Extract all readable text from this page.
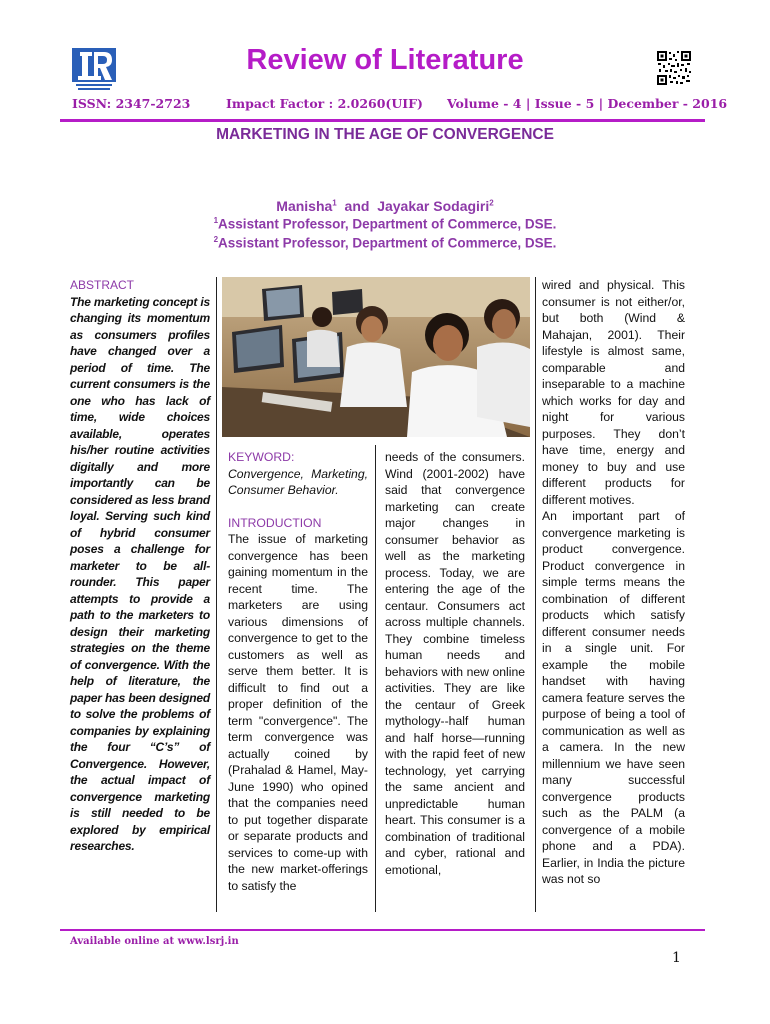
Review of Literature
ISSN: 2347-2723	Impact Factor : 2.0260(UIF) Volume - 4 | Issue - 5 | December - 2016
MARKETING IN THE AGE OF CONVERGENCE
Manisha$^1$ and Jayakar Sodagiri$^2$
$^1$Assistant Professor, Department of Commerce, DSE.
$^2$Assistant Professor, Department of Commerce, DSE.

ABSTRACT

The marketing concept is changing its momentum as consumers profiles have changed over a period of time. The current consumers is the one who has lack of time, wide choices available, operates his/her routine activities digitally and more importantly can be considered as less brand loyal. Serving such kind of hybrid consumer poses a challenge for marketer to be all-rounder. This paper attempts to provide a path to the marketers to design their marketing strategies on the theme of convergence. With the help of literature, the paper has been designed to solve the problems of companies by explaining the four “C’s” of Convergence. However, the actual impact of convergence marketing is still needed to be explored by empirical researches.

KEYWORD: Convergence, Marketing, Consumer Behavior.

INTRODUCTION

The issue of marketing convergence has been gaining momentum in the recent time. The marketers are using various dimensions of convergence to get to the customers as well as serve them better. It is difficult to find out a proper definition of the term "convergence". The term convergence was actually coined by (Prahalad & Hamel, May-June 1990) who opined that the companies need to put together disparate or separate products and services to come-up with the new market-offerings to satisfy the

needs of the consumers. Wind (2001-2002) have said that convergence marketing can create major changes in consumer behavior as well as the marketing process. Today, we are entering the age of the centaur. Consumers act across multiple channels. They combine timeless human needs and behaviors with new online activities. They are like the centaur of Greek mythology--half human and half horse—running with the rapid feet of new technology, yet carrying the same ancient and unpredictable human heart. This consumer is a combination of traditional and cyber, rational and emotional,

wired and physical. This consumer is not either/or, but both (Wind & Mahajan, 2001). Their lifestyle is almost same, comparable and inseparable to a machine which works for day and night for various purposes. They don’t have time, energy and money to buy and use different products for different motives.

An important part of convergence marketing is product convergence. Product convergence in simple terms means the combination of different products which satisfy different consumer needs in a single unit. For example the mobile handset with having camera feature serves the purpose of being a tool of communication as well as a camera. In the new millennium we have seen many successful convergence products such as the PALM (a convergence of a mobile phone and a PDA). Earlier, in India the picture was not so

Available online at www.lsrj.in
1
